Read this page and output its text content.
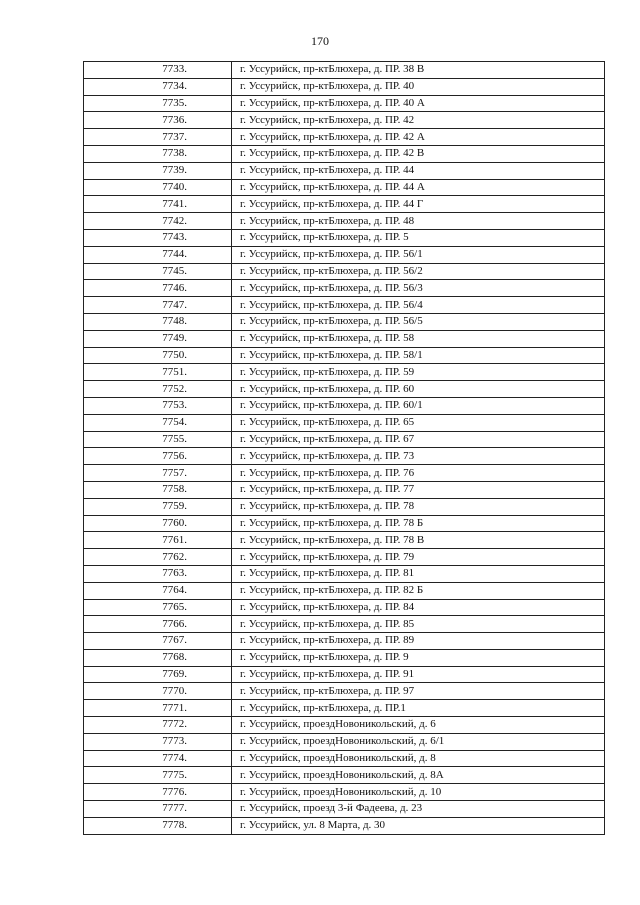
170
7733.	г. Уссурийск, пр-ктБлюхера, д. ПР. 38 В
7734.	г. Уссурийск, пр-ктБлюхера, д. ПР. 40
7735.	г. Уссурийск, пр-ктБлюхера, д. ПР. 40 А
7736.	г. Уссурийск, пр-ктБлюхера, д. ПР. 42
7737.	г. Уссурийск, пр-ктБлюхера, д. ПР. 42 А
7738.	г. Уссурийск, пр-ктБлюхера, д. ПР. 42 В
7739.	г. Уссурийск, пр-ктБлюхера, д. ПР. 44
7740.	г. Уссурийск, пр-ктБлюхера, д. ПР. 44 А
7741.	г. Уссурийск, пр-ктБлюхера, д. ПР. 44 Г
7742.	г. Уссурийск, пр-ктБлюхера, д. ПР. 48
7743.	г. Уссурийск, пр-ктБлюхера, д. ПР. 5
7744.	г. Уссурийск, пр-ктБлюхера, д. ПР. 56/1
7745.	г. Уссурийск, пр-ктБлюхера, д. ПР. 56/2
7746.	г. Уссурийск, пр-ктБлюхера, д. ПР. 56/3
7747.	г. Уссурийск, пр-ктБлюхера, д. ПР. 56/4
7748.	г. Уссурийск, пр-ктБлюхера, д. ПР. 56/5
7749.	г. Уссурийск, пр-ктБлюхера, д. ПР. 58
7750.	г. Уссурийск, пр-ктБлюхера, д. ПР. 58/1
7751.	г. Уссурийск, пр-ктБлюхера, д. ПР. 59
7752.	г. Уссурийск, пр-ктБлюхера, д. ПР. 60
7753.	г. Уссурийск, пр-ктБлюхера, д. ПР. 60/1
7754.	г. Уссурийск, пр-ктБлюхера, д. ПР. 65
7755.	г. Уссурийск, пр-ктБлюхера, д. ПР. 67
7756.	г. Уссурийск, пр-ктБлюхера, д. ПР. 73
7757.	г. Уссурийск, пр-ктБлюхера, д. ПР. 76
7758.	г. Уссурийск, пр-ктБлюхера, д. ПР. 77
7759.	г. Уссурийск, пр-ктБлюхера, д. ПР. 78
7760.	г. Уссурийск, пр-ктБлюхера, д. ПР. 78 Б
7761.	г. Уссурийск, пр-ктБлюхера, д. ПР. 78 В
7762.	г. Уссурийск, пр-ктБлюхера, д. ПР. 79
7763.	г. Уссурийск, пр-ктБлюхера, д. ПР. 81
7764.	г. Уссурийск, пр-ктБлюхера, д. ПР. 82 Б
7765.	г. Уссурийск, пр-ктБлюхера, д. ПР. 84
7766.	г. Уссурийск, пр-ктБлюхера, д. ПР. 85
7767.	г. Уссурийск, пр-ктБлюхера, д. ПР. 89
7768.	г. Уссурийск, пр-ктБлюхера, д. ПР. 9
7769.	г. Уссурийск, пр-ктБлюхера, д. ПР. 91
7770.	г. Уссурийск, пр-ктБлюхера, д. ПР. 97
7771.	г. Уссурийск, пр-ктБлюхера, д. ПР.1
7772.	г. Уссурийск, проездНовоникольский, д. 6
7773.	г. Уссурийск, проездНовоникольский, д. 6/1
7774.	г. Уссурийск, проездНовоникольский, д. 8
7775.	г. Уссурийск, проездНовоникольский, д. 8А
7776.	г. Уссурийск, проездНовоникольский, д. 10
7777.	г. Уссурийск, проезд 3-й Фадеева, д. 23
7778.	г. Уссурийск, ул. 8 Марта, д. 30
